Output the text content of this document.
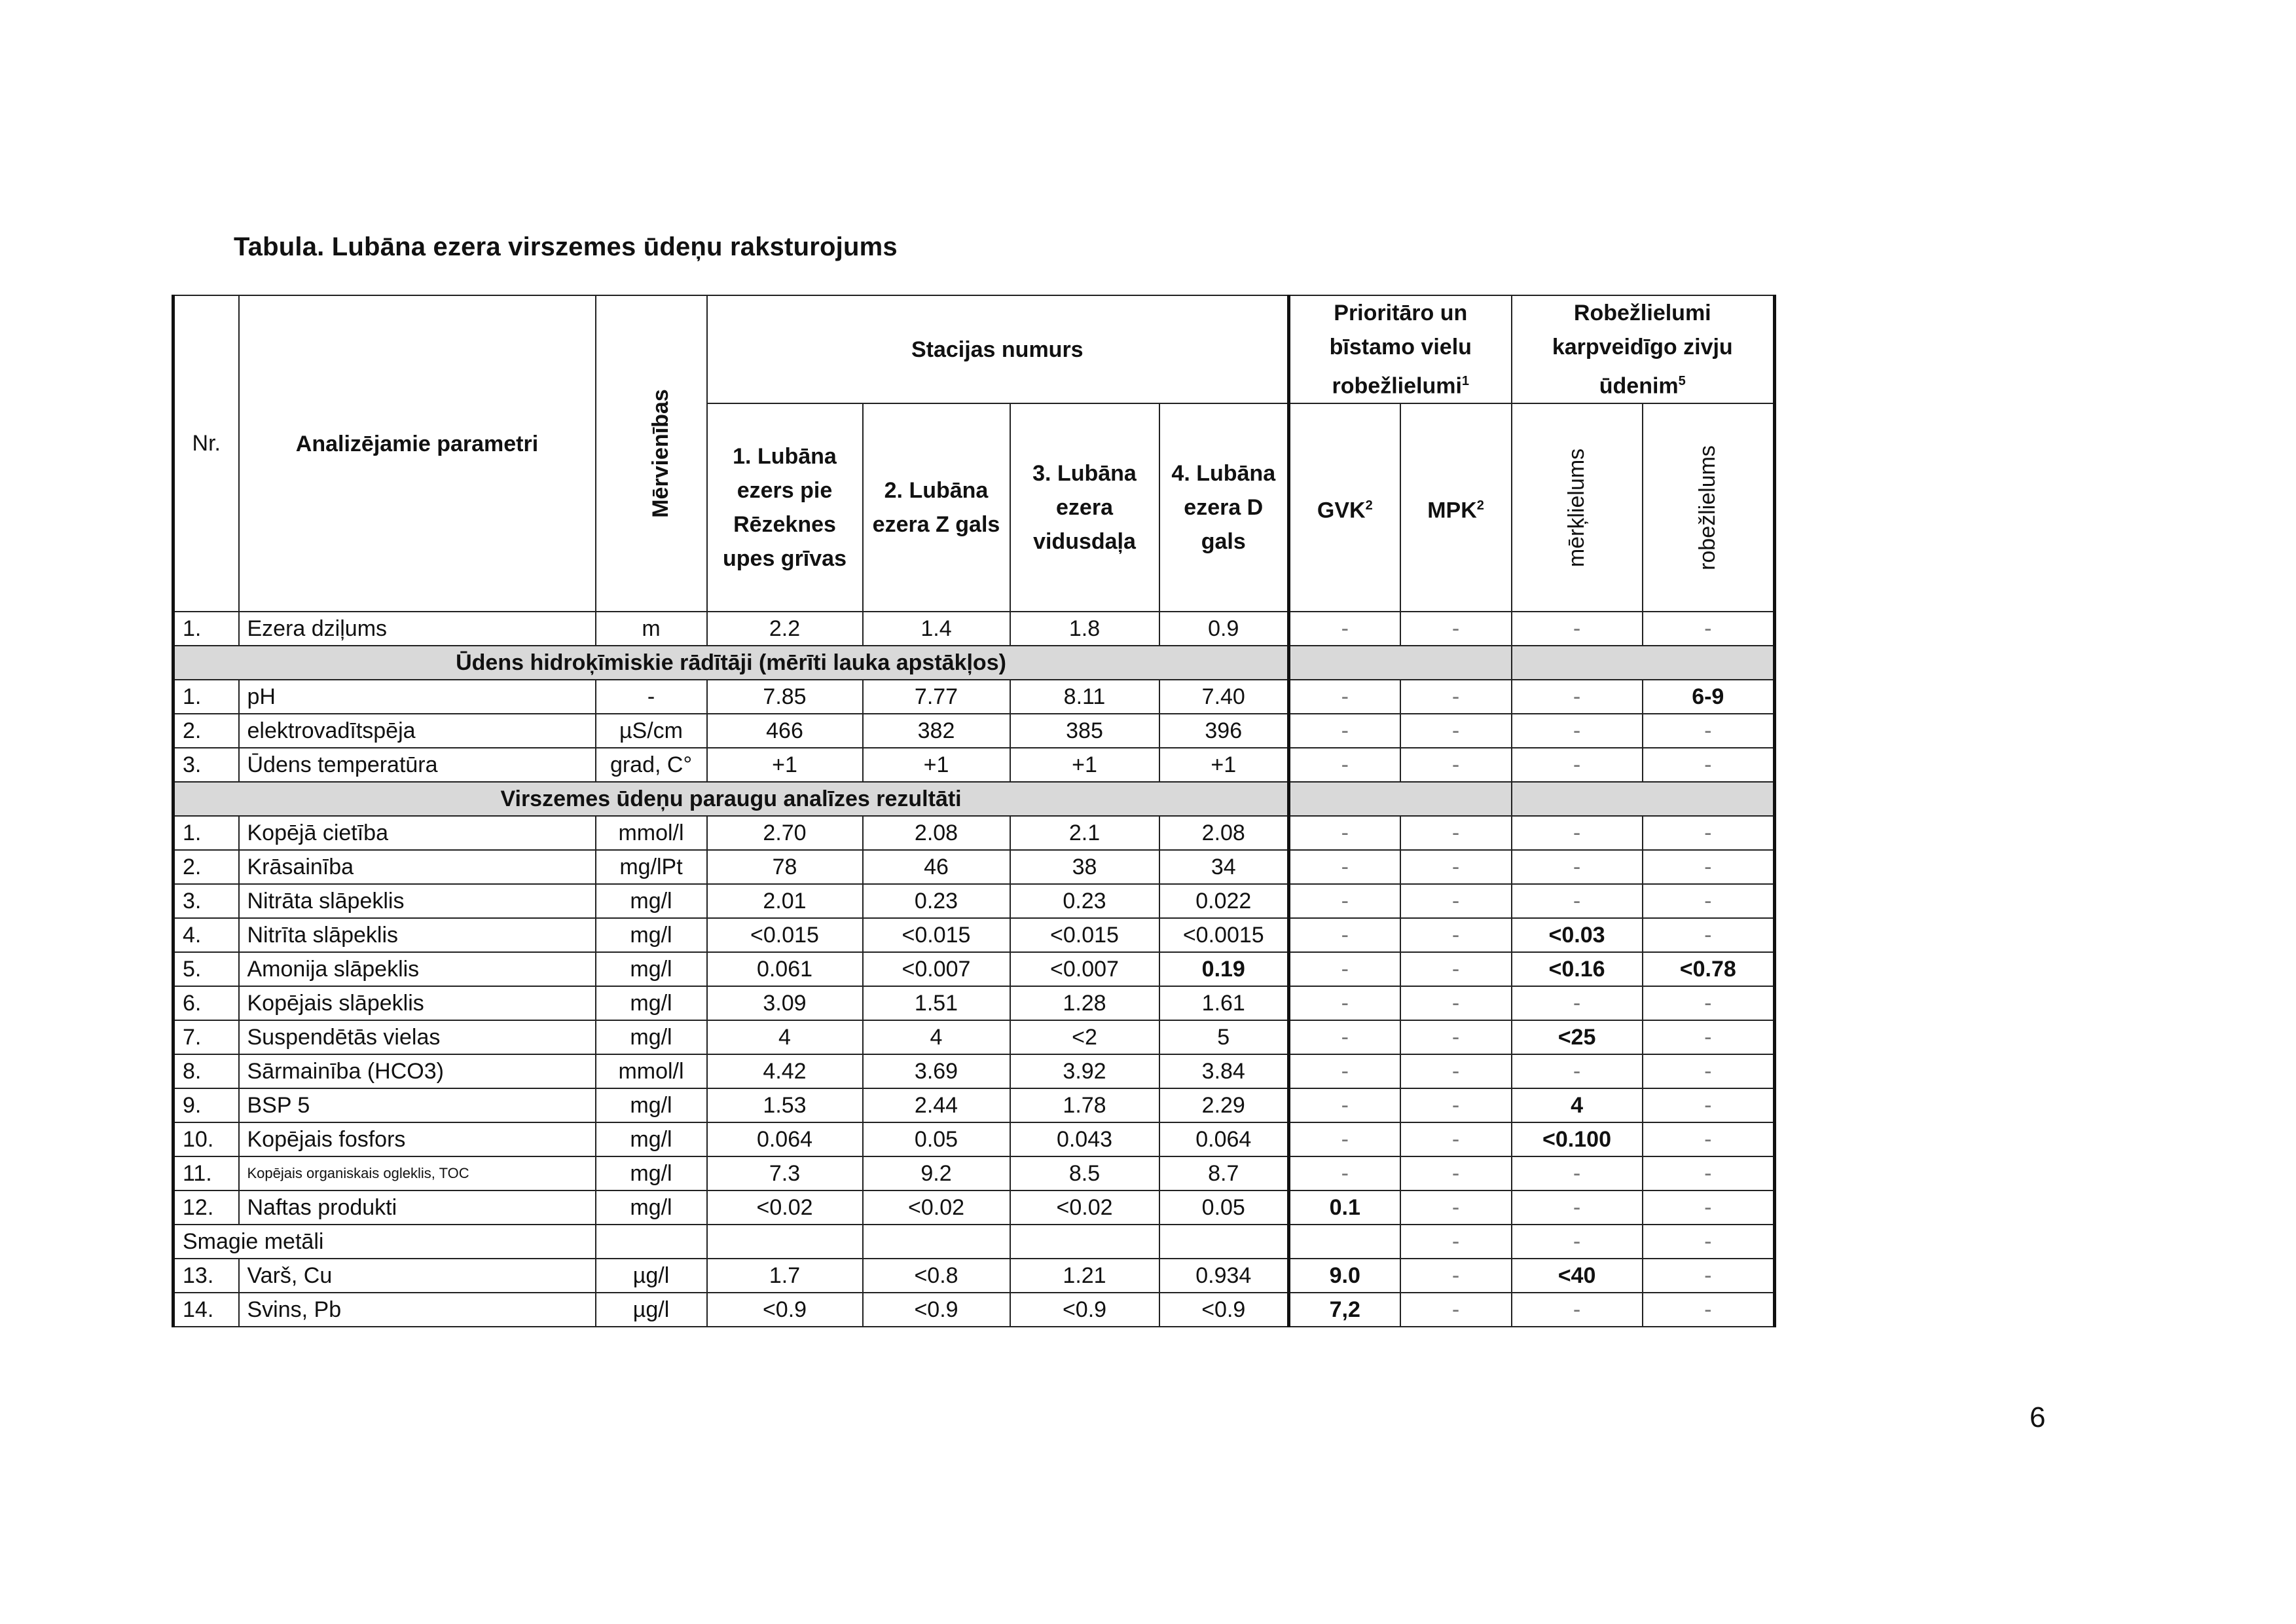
Tabula. Lubāna ezera virszemes ūdeņu raksturojums
Nr.	Analizējamie parametri	Mērvienības	Stacijas numurs				Prioritāro un bīstamo vielu robežlielumi$^1$		Robežlielumi karpveidīgo zivju ūdenim$^5$
			1. Lubāna ezers pie Rēzeknes upes grīvas	2. Lubāna ezera Z gals	3. Lubāna ezera vidusdaļa	4. Lubāna ezera D gals	GVK$^2$	MPK$^2$	mērķlielums	robežlielums
1.	Ezera dziļums	m	2.2	1.4	1.8	0.9	-	-	-	-
Ūdens hidroķīmiskie rādītāji (mērīti lauka apstākļos)										
1.	pH	-	7.85	7.77	8.11	7.40	-	-	-	6-9
2.	elektrovadītspēja	µS/cm	466	382	385	396	-	-	-	-
3.	Ūdens temperatūra	grad, C°	+1	+1	+1	+1	-	-	-	-
Virszemes ūdeņu paraugu analīzes rezultāti										
1.	Kopējā cietība	mmol/l	2.70	2.08	2.1	2.08	-	-	-	-
2.	Krāsainība	mg/lPt	78	46	38	34	-	-	-	-
3.	Nitrāta slāpeklis	mg/l	2.01	0.23	0.23	0.022	-	-	-	-
4.	Nitrīta slāpeklis	mg/l	<0.015	<0.015	<0.015	<0.0015	-	-	<0.03	-
5.	Amonija slāpeklis	mg/l	0.061	<0.007	<0.007	0.19	-	-	<0.16	<0.78
6.	Kopējais slāpeklis	mg/l	3.09	1.51	1.28	1.61	-	-	-	-
7.	Suspendētās vielas	mg/l	4	4	<2	5	-	-	<25	-
8.	Sārmainība (HCO3)	mmol/l	4.42	3.69	3.92	3.84	-	-	-	-
9.	BSP 5	mg/l	1.53	2.44	1.78	2.29	-	-	4	-
10.	Kopējais fosfors	mg/l	0.064	0.05	0.043	0.064	-	-	<0.100	-
11.	Kopējais organiskais ogleklis, TOC	mg/l	7.3	9.2	8.5	8.7	-	-	-	-
12.	Naftas produkti	mg/l	<0.02	<0.02	<0.02	0.05	0.1	-	-	-
Smagie metāli								-	-	-
13.	Varš, Cu	µg/l	1.7	<0.8	1.21	0.934	9.0	-	<40	-
14.	Svins, Pb	µg/l	<0.9	<0.9	<0.9	<0.9	7,2	-	-	-
6
